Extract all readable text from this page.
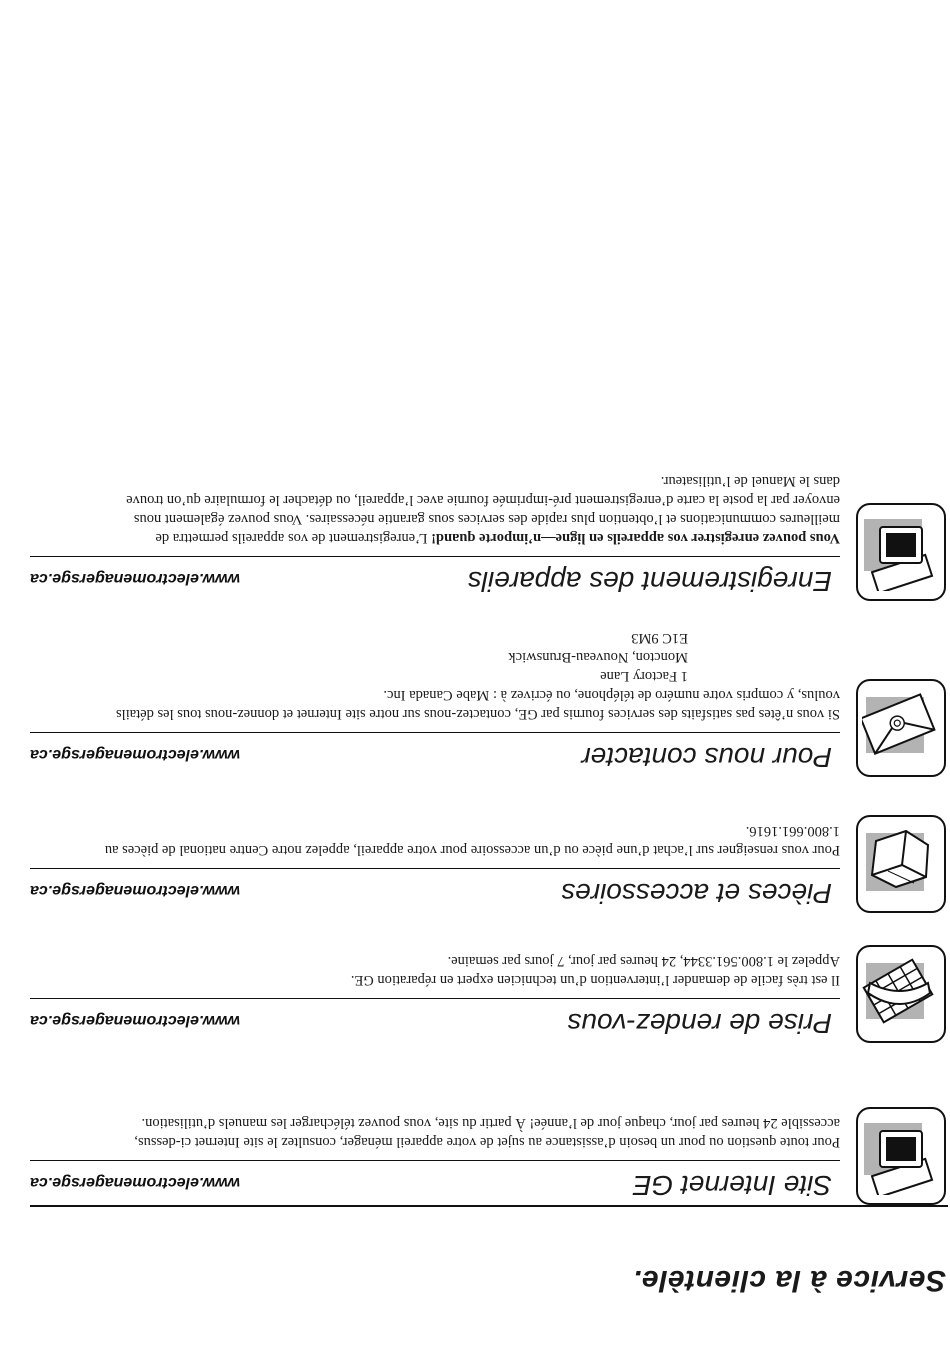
Service à la clientèle.
Site Internet GE
www.electromenagersge.ca

Pour toute question ou pour un besoin d’assistance au sujet de votre appareil ménager, consultez le site Internet ci-dessus, accessible 24 heures par jour, chaque jour de l’année! À partir du site, vous pouvez télécharger les manuels d’utilisation.

Prise de rendez-vous
www.electromenagersge.ca

Il est très facile de demander l’intervention d’un technicien expert en réparation GE.
Appelez le 1.800.561.3344, 24 heures par jour, 7 jours par semaine.

Pièces et accessoires
www.electromenagersge.ca

Pour vous renseigner sur l’achat d’une pièce ou d’un accessoire pour votre appareil, appelez notre Centre national de pièces au 1.800.661.1616.

Pour nous contacter
www.electromenagersge.ca
Si vous n’êtes pas satisfaits des services fournis par GE, contactez-nous sur notre site Internet et donnez-nous tous les détails voulus, y compris votre numéro de téléphone, ou écrivez à : Mabe Canada Inc.

1 Factory Lane

Moncton, Nouveau-Brunswick

E1C 9M3

Enregistrement des appareils
www.electromenagersge.ca

Vous pouvez enregistrer vos appareils en ligne—n’importe quand! L’enregistrement de vos appareils permettra de meilleures communications et l’obtention plus rapide des services sous garantie nécessaires. Vous pouvez également nous envoyer par la poste la carte d’enregistrement pré-imprimée fournie avec l’appareil, ou détacher le formulaire qu’on trouve dans le Manuel de l’utilisateur.
